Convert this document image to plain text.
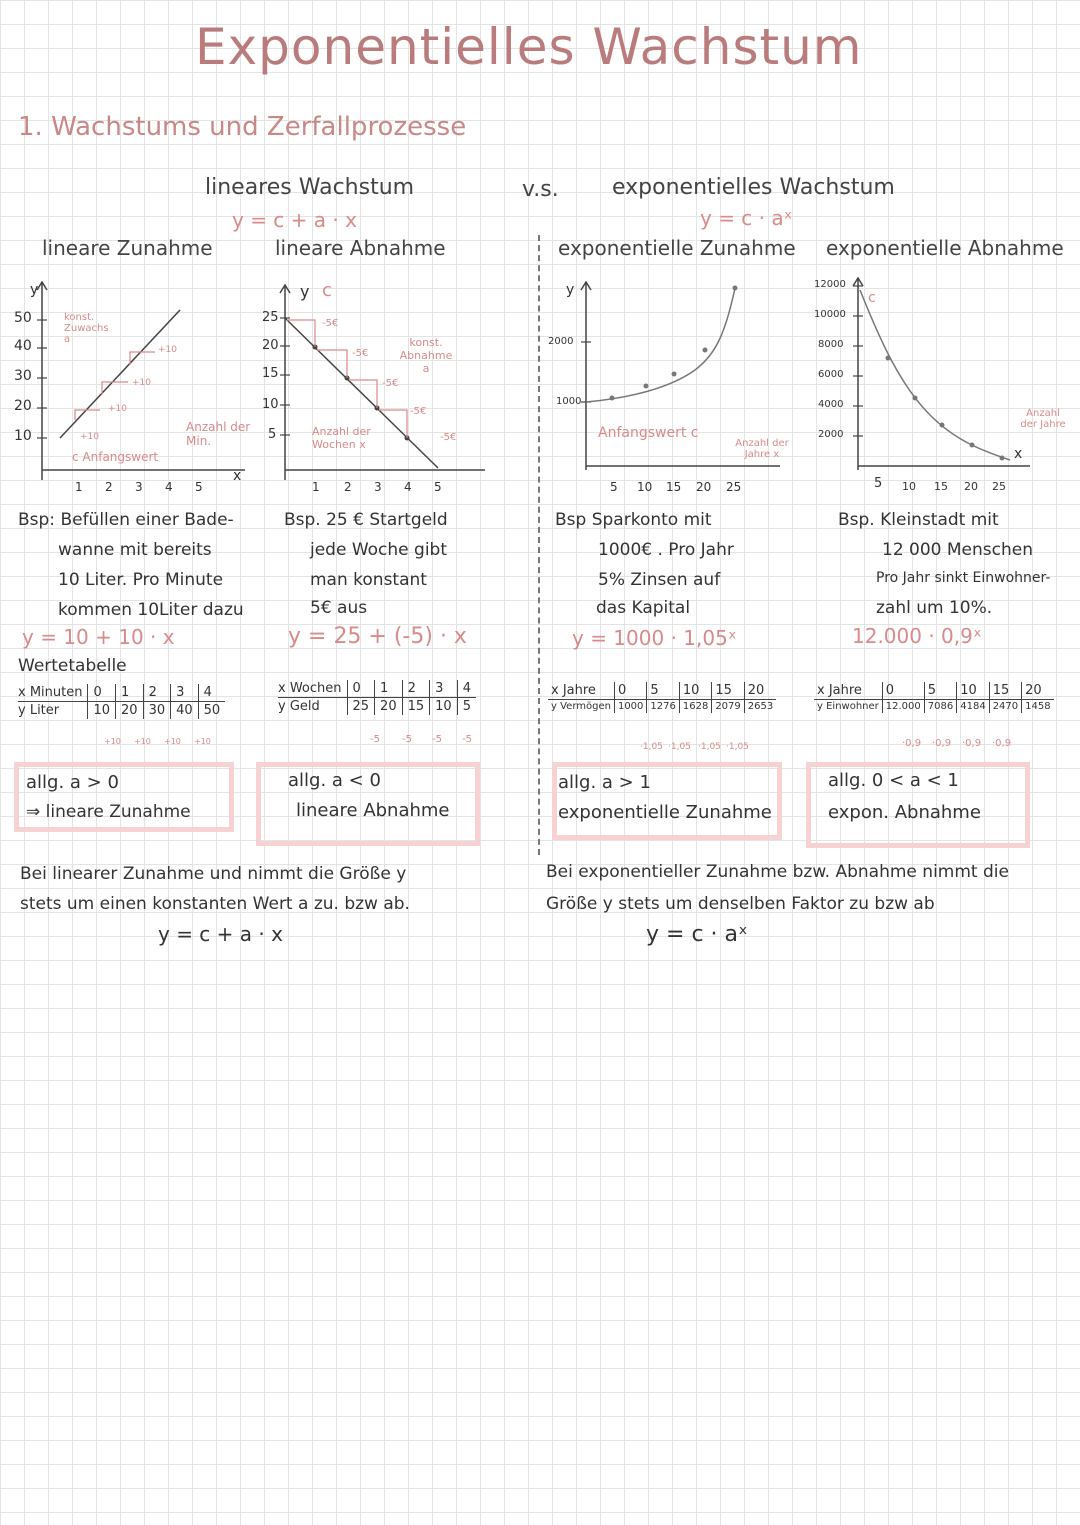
Exponentielles Wachstum
1. Wachstums und Zerfallprozesse
lineares Wachstum
y = c + a · x
lineare Zunahme	lineare Abnahme
v.s. exponentielles Wachstum
y = c · aˣ
exponentielle Zunahme exponentielle Abnahme
y
50
40
30
20
10
konst. Zuwachs a
+10
+10
+10
+10
c Anfangswert
Anzahl der Min.
x
1 2 3 4 5
Bsp: Befüllen einer Bade-
wanne mit bereits
10 Liter. Pro Minute
kommen 10Liter dazu
y = 10 + 10 · x
Wertetabelle
x Minuten	0	1	2	3	4
y Liter	10	20	30	40	50
+10 +10 +10 +10
allg. a > 0
⇒ lineare Zunahme
y c
25
20
15
10
5
-5€
-5€
-5€
-5€
-5€
konst. Abnahme a
Anzahl der Wochen x
1 2 3 4 5
Bsp. 25 € Startgeld
jede Woche gibt
man konstant
5€ aus
y = 25 + (-5) · x
x Wochen	0	1	2	3	4
y Geld	25	20	15	10	5
-5 -5 -5 -5
allg. a < 0
lineare Abnahme
y
2000
1000
Anfangswert c
Anzahl der Jahre x
5 10 15 20 25
Bsp Sparkonto mit
1000€ . Pro Jahr
5% Zinsen auf
das Kapital
y = 1000 · 1,05ˣ
x Jahre	0	5	10	15	20
y Vermögen	1000	1276	1628	2079	2653
·1,05 ·1,05 ·1,05 ·1,05
allg. a > 1
exponentielle Zunahme
c
12000
10000
8000
6000
4000
2000
Anzahl der Jahre
x
5 10 15 20 25
Bsp. Kleinstadt mit
12 000 Menschen
Pro Jahr sinkt Einwohner-
zahl um 10%.
12.000 · 0,9ˣ
x Jahre	0	5	10	15	20
y Einwohner	12.000	7086	4184	2470	1458
·0,9 ·0,9 ·0,9 ·0,9
allg. 0 < a < 1
expon. Abnahme
Bei linearer Zunahme und nimmt die Größe y
stets um einen konstanten Wert a zu. bzw ab.
y = c + a · x
Bei exponentieller Zunahme bzw. Abnahme nimmt die
Größe y stets um denselben Faktor zu bzw ab
y = c · aˣ
